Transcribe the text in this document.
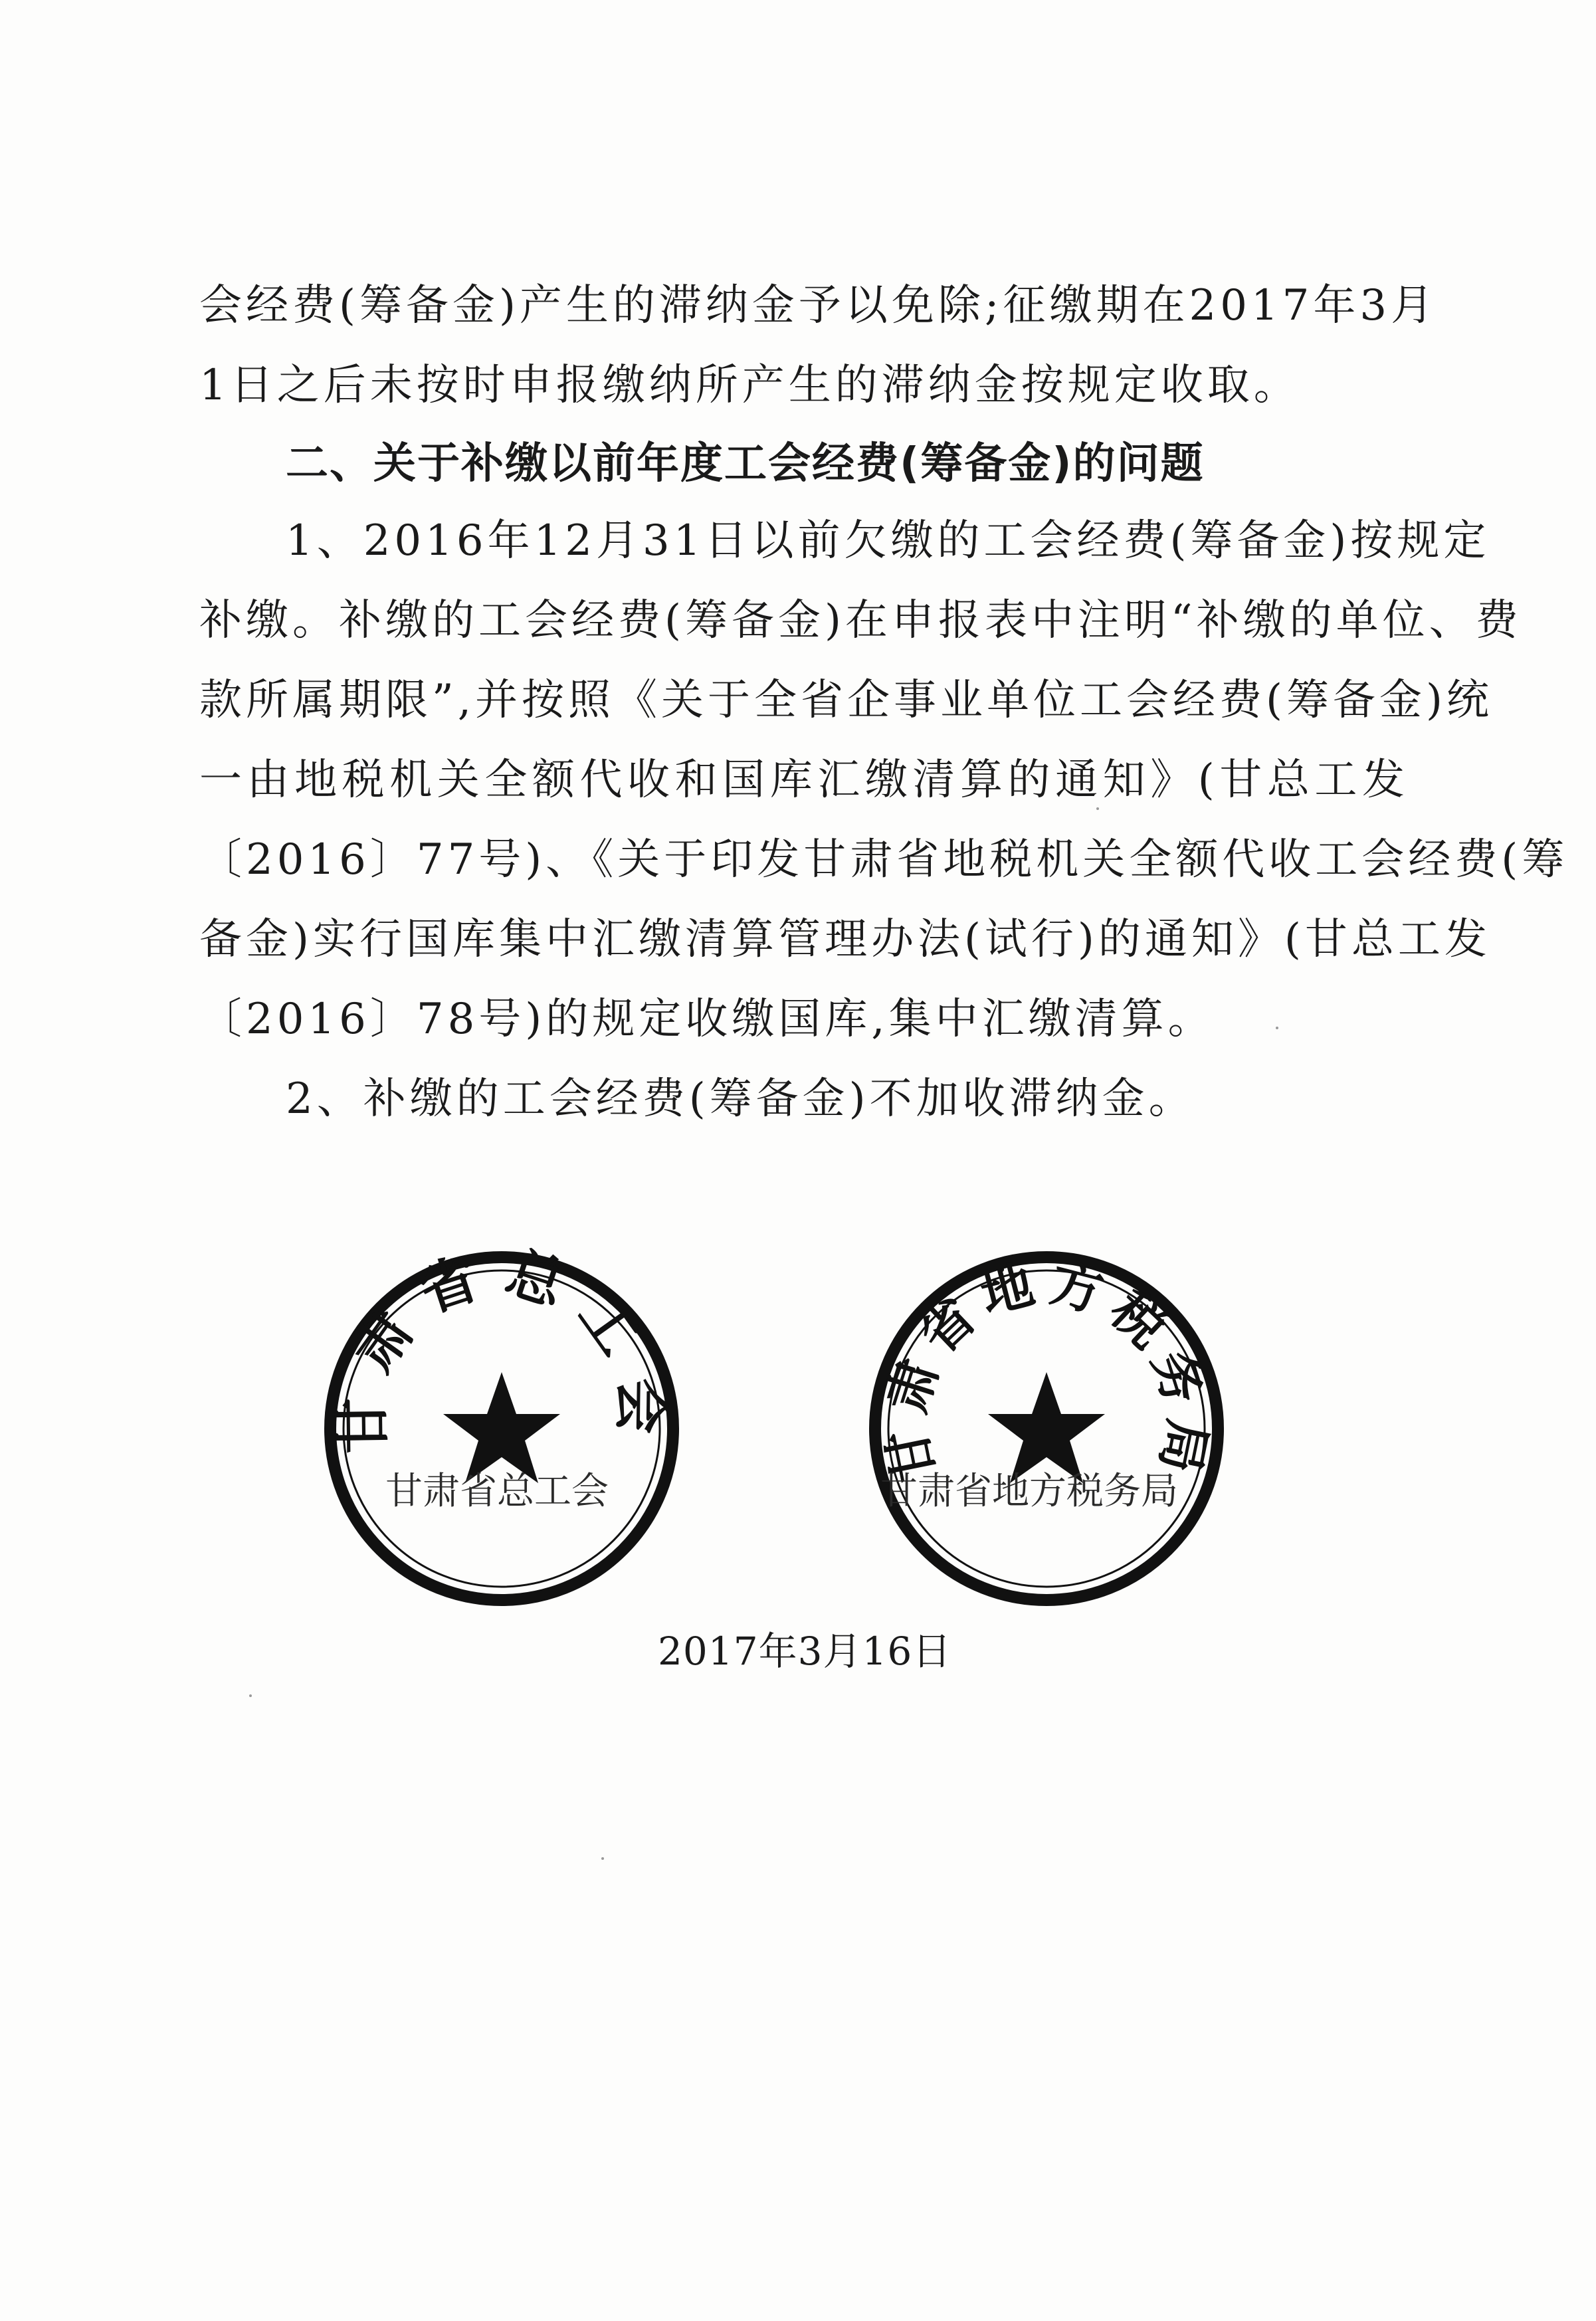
会经费(筹备金)产生的滞纳金予以免除;征缴期在2017年3月
1日之后未按时申报缴纳所产生的滞纳金按规定收取。
二、关于补缴以前年度工会经费(筹备金)的问题
1、2016年12月31日以前欠缴的工会经费(筹备金)按规定
补缴。补缴的工会经费(筹备金)在申报表中注明“补缴的单位、费
款所属期限”,并按照《关于全省企事业单位工会经费(筹备金)统
一由地税机关全额代收和国库汇缴清算的通知》(甘总工发
〔2016〕77号)、《关于印发甘肃省地税机关全额代收工会经费(筹
备金)实行国库集中汇缴清算管理办法(试行)的通知》(甘总工发
〔2016〕78号)的规定收缴国库,集中汇缴清算。
2、补缴的工会经费(筹备金)不加收滞纳金。
甘肃省总工会
甘肃省总工会
甘肃省地方税务局
甘肃省地方税务局
2017年3月16日
